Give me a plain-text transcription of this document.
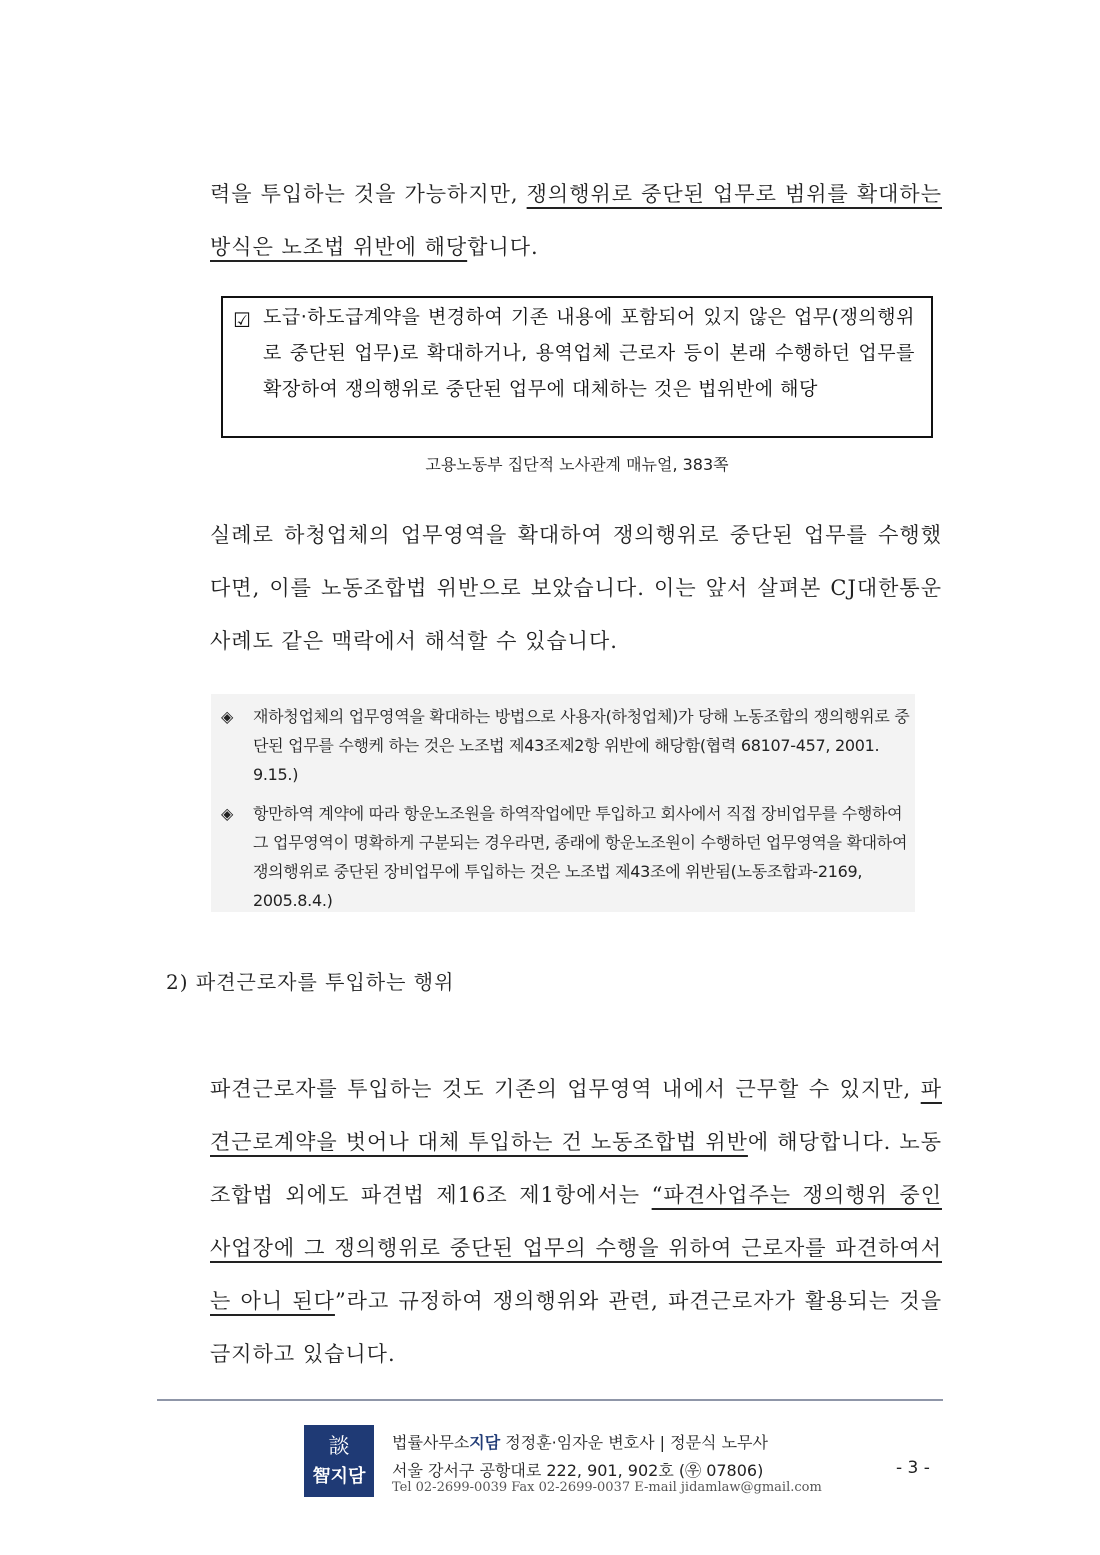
력을 투입하는 것을 가능하지만, 쟁의행위로 중단된 업무로 범위를 확대하는 방식은 노조법 위반에 해당합니다.
☑ 도급·하도급계약을 변경하여 기존 내용에 포함되어 있지 않은 업무(쟁의행위로 중단된 업무)로 확대하거나, 용역업체 근로자 등이 본래 수행하던 업무를 확장하여 쟁의행위로 중단된 업무에 대체하는 것은 법위반에 해당
고용노동부 집단적 노사관계 매뉴얼, 383쪽
실례로 하청업체의 업무영역을 확대하여 쟁의행위로 중단된 업무를 수행했다면, 이를 노동조합법 위반으로 보았습니다. 이는 앞서 살펴본 CJ대한통운 사례도 같은 맥락에서 해석할 수 있습니다.
◈ 재하청업체의 업무영역을 확대하는 방법으로 사용자(하청업체)가 당해 노동조합의 쟁의행위로 중단된 업무를 수행케 하는 것은 노조법 제43조제2항 위반에 해당함(협력 68107-457, 2001. 9.15.)
◈ 항만하역 계약에 따라 항운노조원을 하역작업에만 투입하고 회사에서 직접 장비업무를 수행하여 그 업무영역이 명확하게 구분되는 경우라면, 종래에 항운노조원이 수행하던 업무영역을 확대하여 쟁의행위로 중단된 장비업무에 투입하는 것은 노조법 제43조에 위반됨(노동조합과-2169, 2005.8.4.)
2) 파견근로자를 투입하는 행위
파견근로자를 투입하는 것도 기존의 업무영역 내에서 근무할 수 있지만, 파견근로계약을 벗어나 대체 투입하는 건 노동조합법 위반에 해당합니다. 노동조합법 외에도 파견법 제16조 제1항에서는 “파견사업주는 쟁의행위 중인 사업장에 그 쟁의행위로 중단된 업무의 수행을 위하여 근로자를 파견하여서는 아니 된다”라고 규정하여 쟁의행위와 관련, 파견근로자가 활용되는 것을 금지하고 있습니다.
談
智지담
법률사무소지담 정정훈·임자운 변호사 | 정문식 노무사
서울 강서구 공항대로 222, 901, 902호 (㉾ 07806)
Tel 02-2699-0039 Fax 02-2699-0037 E-mail jidamlaw@gmail.com
- 3 -
